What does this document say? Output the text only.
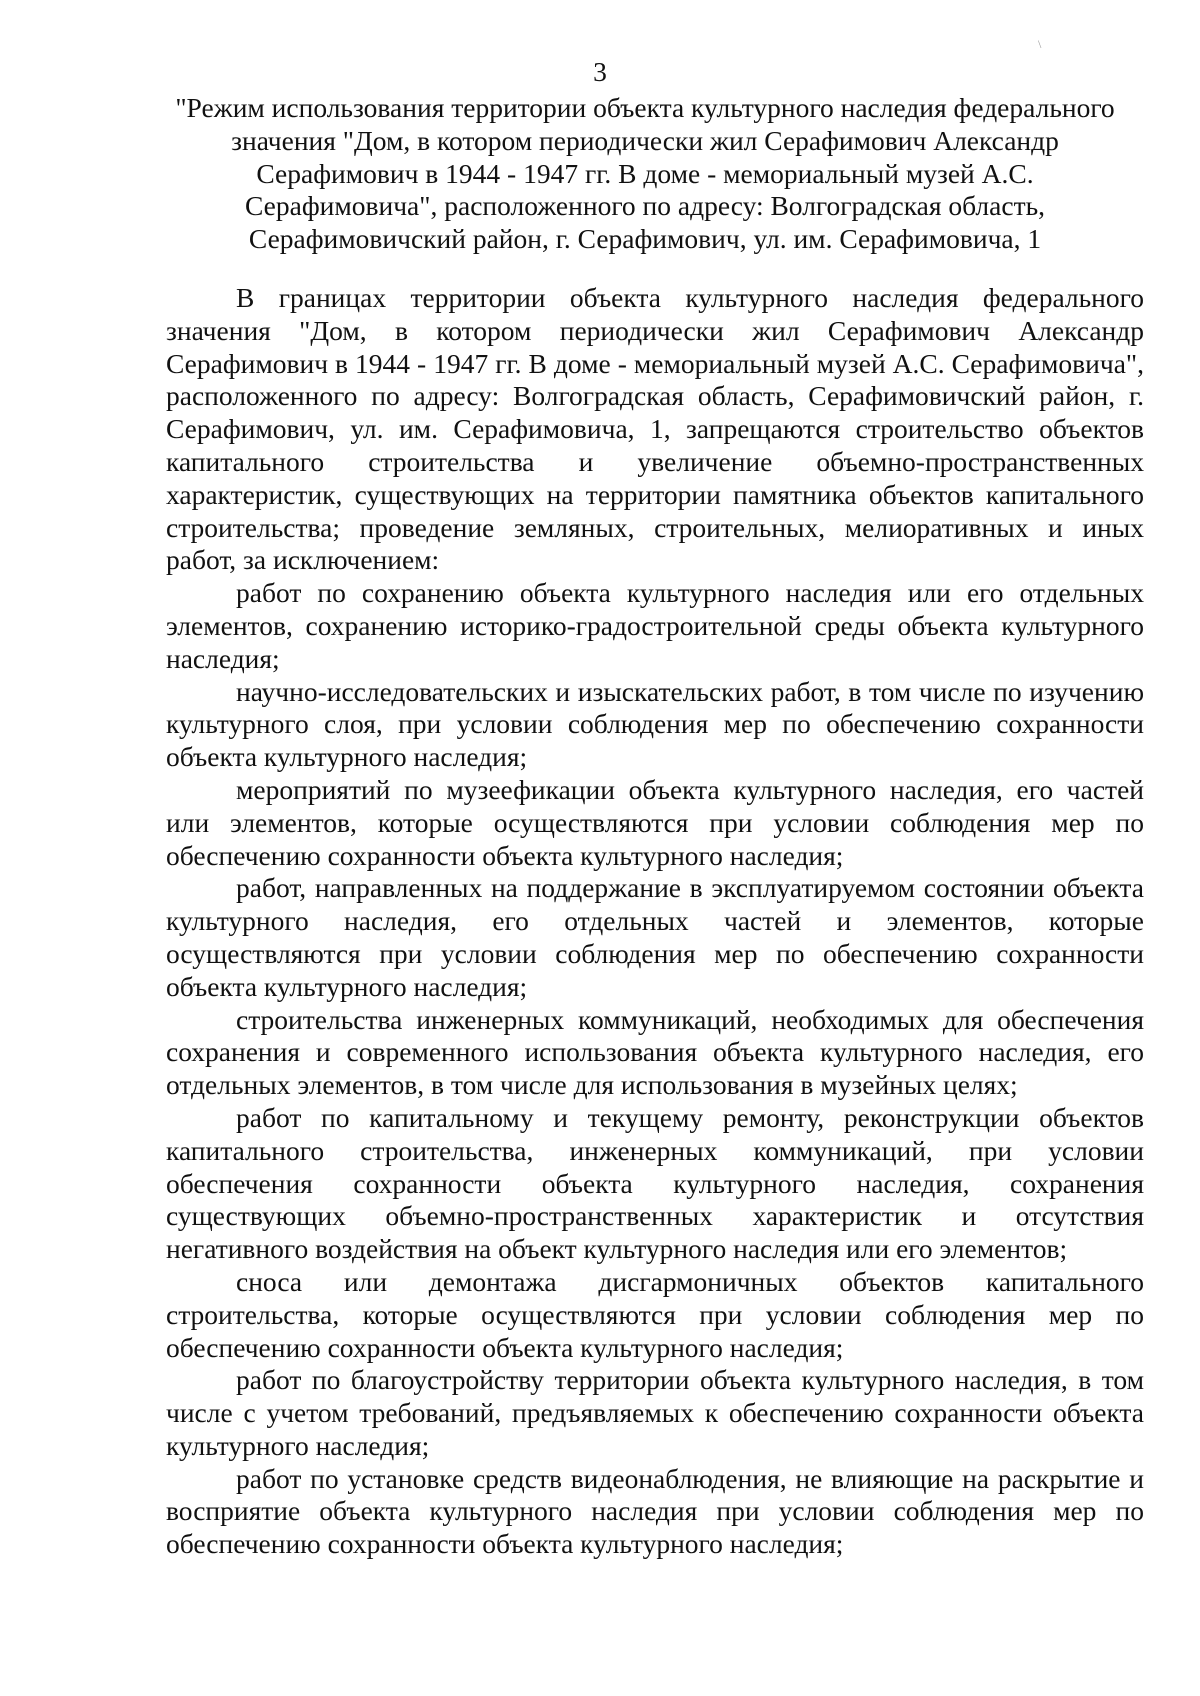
3
"Режим использования территории объекта культурного наследия федерального
значения "Дом, в котором периодически жил Серафимович Александр
Серафимович в 1944 - 1947 гг. В доме - мемориальный музей А.С.
Серафимовича", расположенного по адресу: Волгоградская область,
Серафимовичский район, г. Серафимович, ул. им. Серафимовича, 1

В границах территории объекта культурного наследия федерального значения "Дом, в котором периодически жил Серафимович Александр Серафимович в 1944 - 1947 гг. В доме - мемориальный музей А.С. Серафимовича", расположенного по адресу: Волгоградская область, Серафимовичский район, г. Серафимович, ул. им. Серафимовича, 1, запрещаются строительство объектов капитального строительства и увеличение объемно-пространственных характеристик, существующих на территории памятника объектов капитального строительства; проведение земляных, строительных, мелиоративных и иных работ, за исключением:

работ по сохранению объекта культурного наследия или его отдельных элементов, сохранению историко-градостроительной среды объекта культурного наследия;

научно-исследовательских и изыскательских работ, в том числе по изучению культурного слоя, при условии соблюдения мер по обеспечению сохранности объекта культурного наследия;

мероприятий по музеефикации объекта культурного наследия, его частей или элементов, которые осуществляются при условии соблюдения мер по обеспечению сохранности объекта культурного наследия;

работ, направленных на поддержание в эксплуатируемом состоянии объекта культурного наследия, его отдельных частей и элементов, которые осуществляются при условии соблюдения мер по обеспечению сохранности объекта культурного наследия;

строительства инженерных коммуникаций, необходимых для обеспечения сохранения и современного использования объекта культурного наследия, его отдельных элементов, в том числе для использования в музейных целях;

работ по капитальному и текущему ремонту, реконструкции объектов капитального строительства, инженерных коммуникаций, при условии обеспечения сохранности объекта культурного наследия, сохранения существующих объемно-пространственных характеристик и отсутствия негативного воздействия на объект культурного наследия или его элементов;

сноса или демонтажа дисгармоничных объектов капитального строительства, которые осуществляются при условии соблюдения мер по обеспечению сохранности объекта культурного наследия;

работ по благоустройству территории объекта культурного наследия, в том числе с учетом требований, предъявляемых к обеспечению сохранности объекта культурного наследия;

работ по установке средств видеонаблюдения, не влияющие на раскрытие и восприятие объекта культурного наследия при условии соблюдения мер по обеспечению сохранности объекта культурного наследия;

\
